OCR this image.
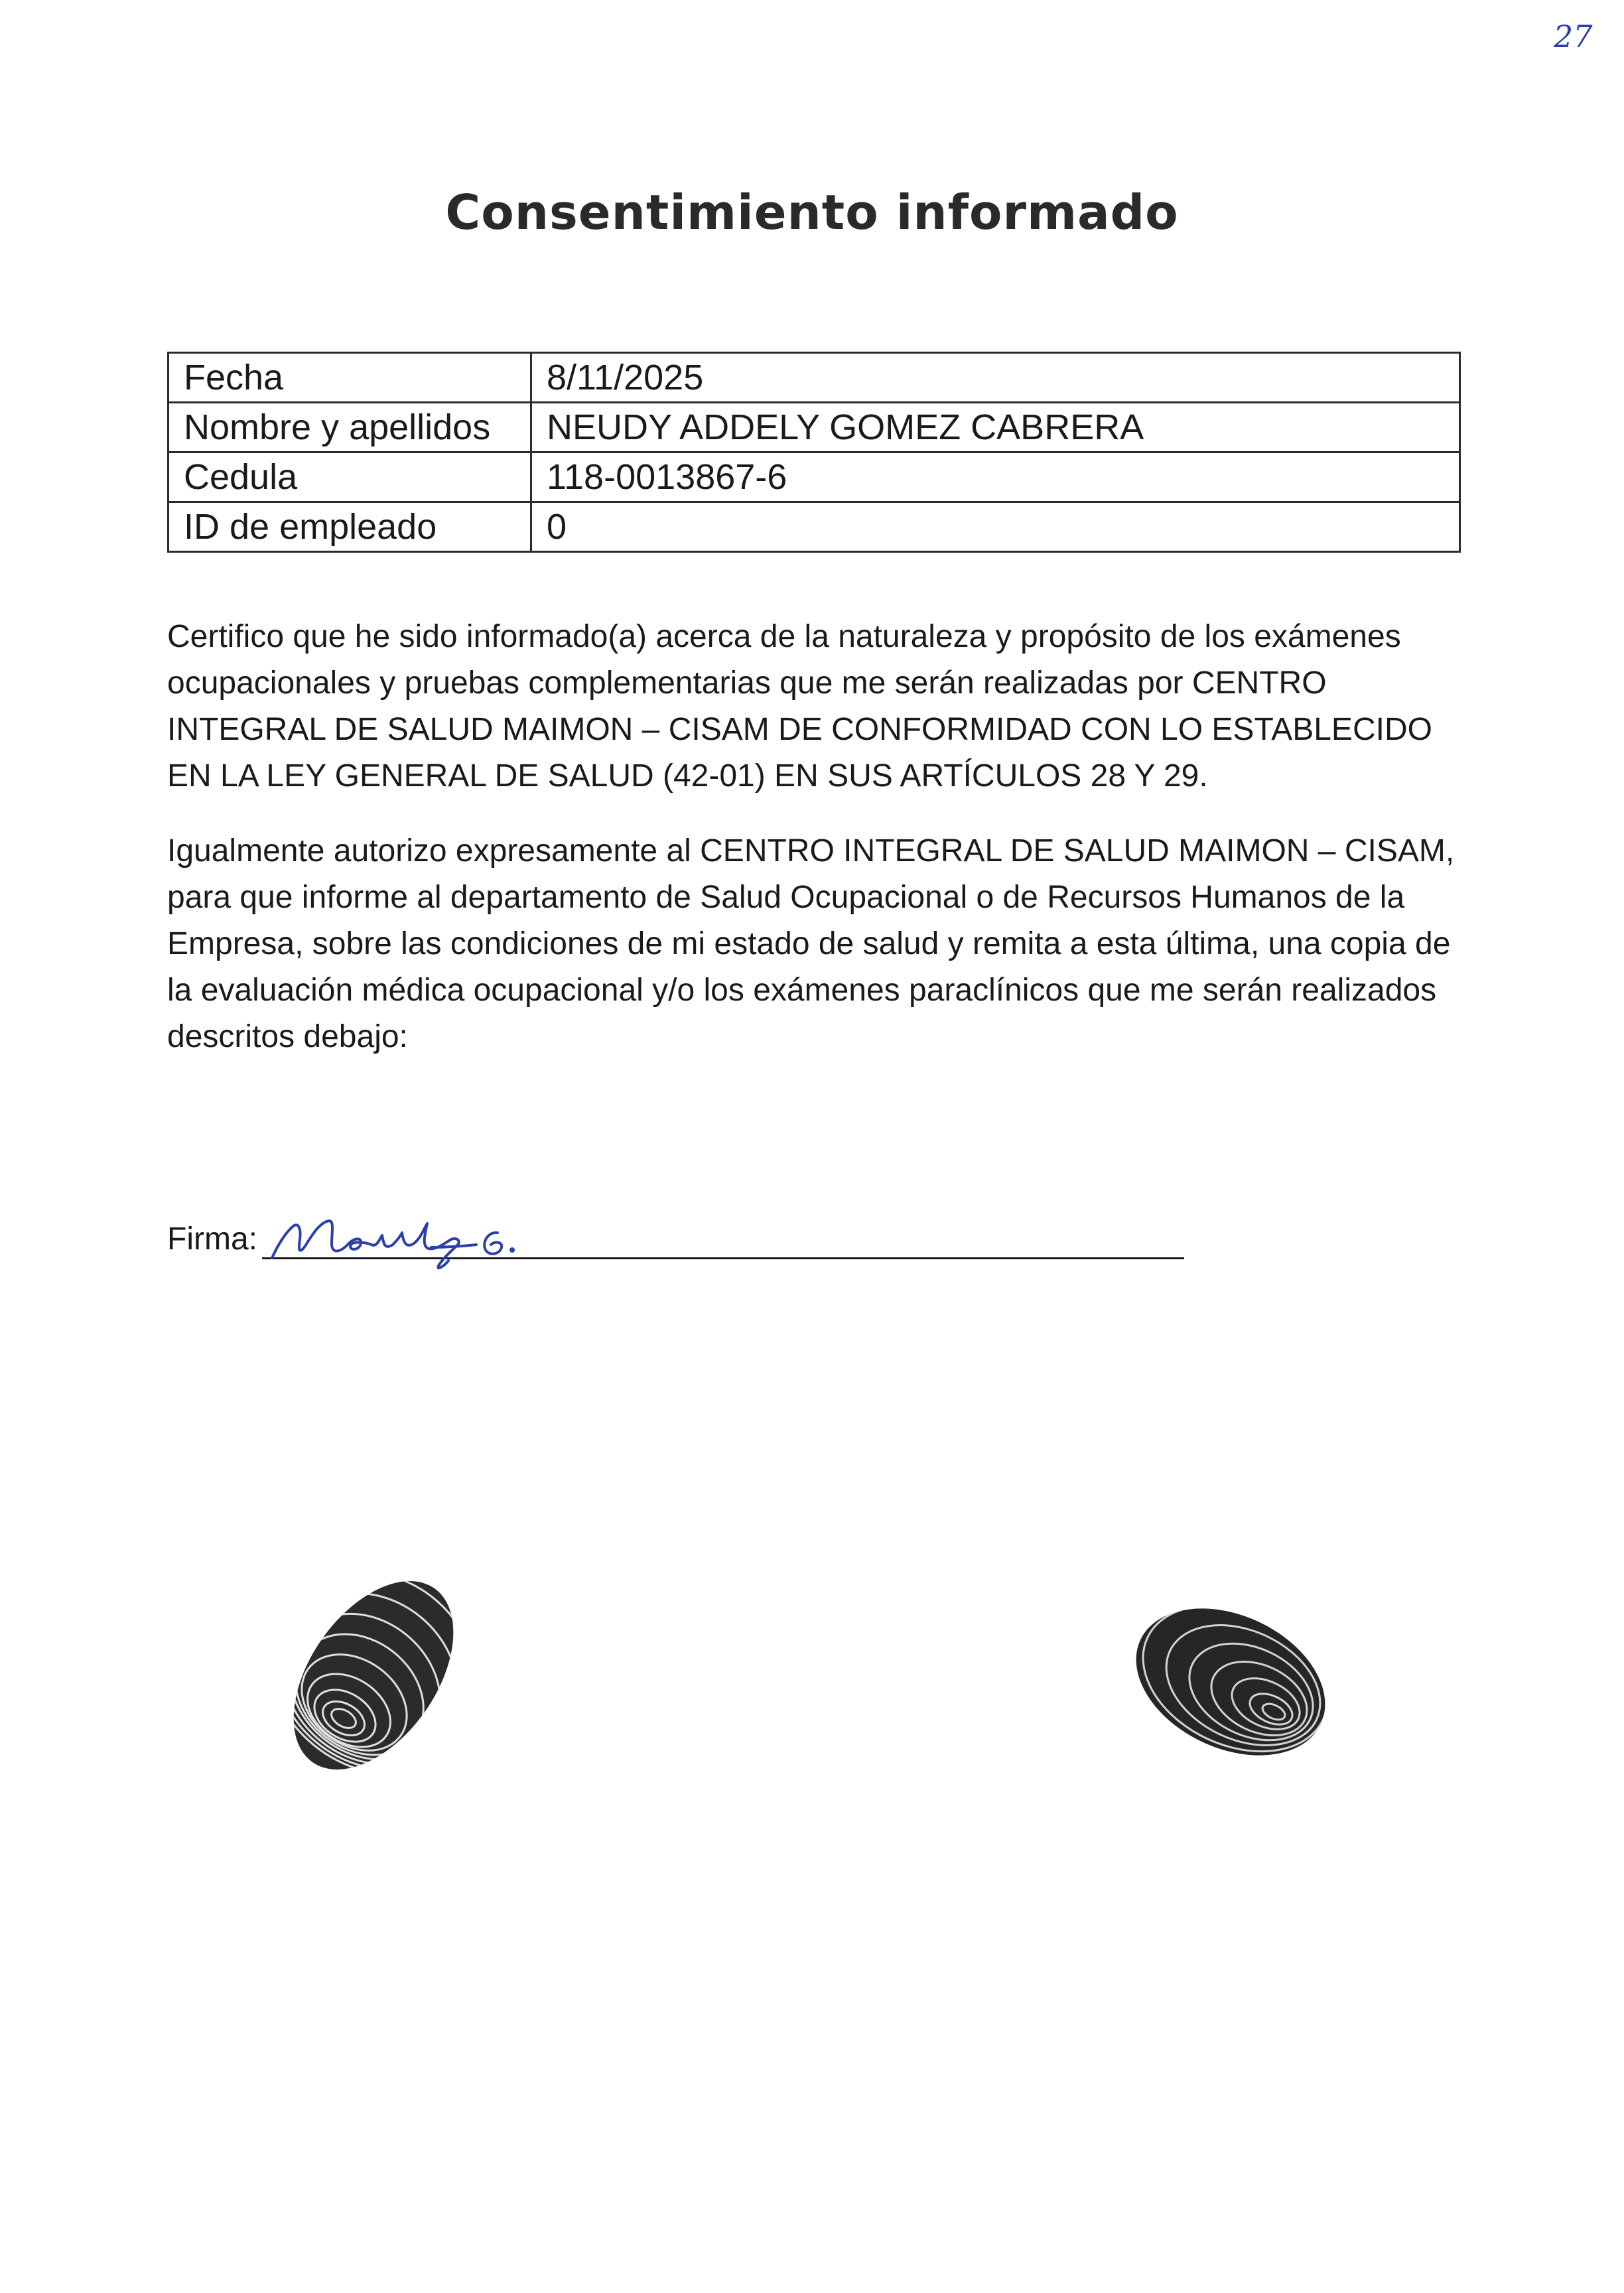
27
Consentimiento informado
Fecha	8/11/2025
Nombre y apellidos	NEUDY ADDELY GOMEZ CABRERA
Cedula	118-0013867-6
ID de empleado	0
Certifico que he sido informado(a) acerca de la naturaleza y propósito de los exámenes ocupacionales y pruebas complementarias que me serán realizadas por CENTRO INTEGRAL DE SALUD MAIMON – CISAM DE CONFORMIDAD CON LO ESTABLECIDO EN LA LEY GENERAL DE SALUD (42-01) EN SUS ARTÍCULOS 28 Y 29.
Igualmente autorizo expresamente al CENTRO INTEGRAL DE SALUD MAIMON – CISAM, para que informe al departamento de Salud Ocupacional o de Recursos Humanos de la Empresa, sobre las condiciones de mi estado de salud y remita a esta última, una copia de la evaluación médica ocupacional y/o los exámenes paraclínicos que me serán realizados descritos debajo:
Firma:
